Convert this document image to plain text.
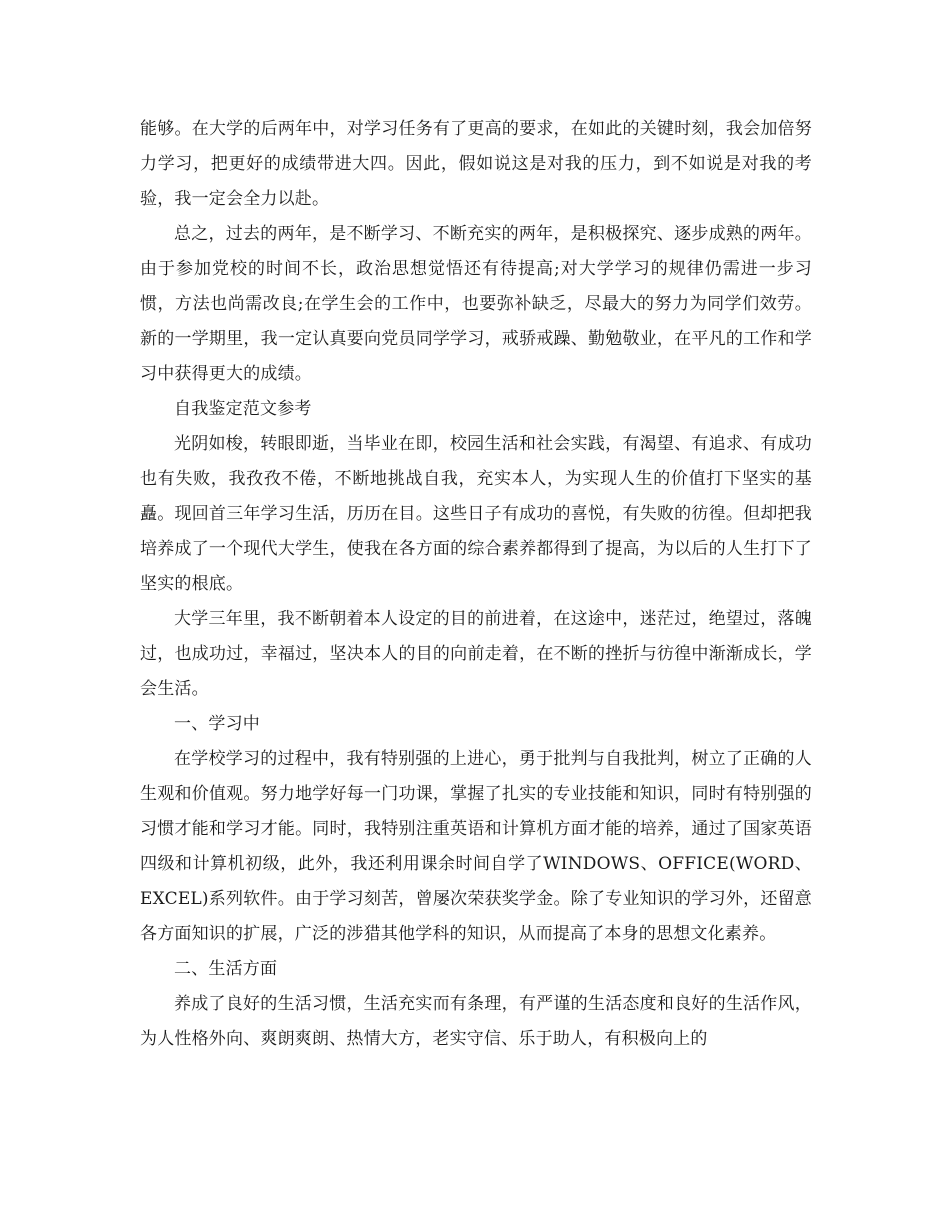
能够。在大学的后两年中，对学习任务有了更高的要求，在如此的关键时刻，我会加倍努力学习，把更好的成绩带进大四。因此，假如说这是对我的压力，到不如说是对我的考验，我一定会全力以赴。

总之，过去的两年，是不断学习、不断充实的两年，是积极探究、逐步成熟的两年。由于参加党校的时间不长，政治思想觉悟还有待提高;对大学学习的规律仍需进一步习惯，方法也尚需改良;在学生会的工作中，也要弥补缺乏，尽最大的努力为同学们效劳。新的一学期里，我一定认真要向党员同学学习，戒骄戒躁、勤勉敬业，在平凡的工作和学习中获得更大的成绩。

自我鉴定范文参考

光阴如梭，转眼即逝，当毕业在即，校园生活和社会实践，有渴望、有追求、有成功也有失败，我孜孜不倦，不断地挑战自我，充实本人，为实现人生的价值打下坚实的基矗。现回首三年学习生活，历历在目。这些日子有成功的喜悦，有失败的彷徨。但却把我培养成了一个现代大学生，使我在各方面的综合素养都得到了提高，为以后的人生打下了坚实的根底。

大学三年里，我不断朝着本人设定的目的前进着，在这途中，迷茫过，绝望过，落魄过，也成功过，幸福过，坚决本人的目的向前走着，在不断的挫折与彷徨中渐渐成长，学会生活。

一、学习中

在学校学习的过程中，我有特别强的上进心，勇于批判与自我批判，树立了正确的人生观和价值观。努力地学好每一门功课，掌握了扎实的专业技能和知识，同时有特别强的习惯才能和学习才能。同时，我特别注重英语和计算机方面才能的培养，通过了国家英语四级和计算机初级，此外，我还利用课余时间自学了WINDOWS、OFFICE(WORD、EXCEL)系列软件。由于学习刻苦，曾屡次荣获奖学金。除了专业知识的学习外，还留意各方面知识的扩展，广泛的涉猎其他学科的知识，从而提高了本身的思想文化素养。

二、生活方面

养成了良好的生活习惯，生活充实而有条理，有严谨的生活态度和良好的生活作风，为人性格外向、爽朗爽朗、热情大方，老实守信、乐于助人，有积极向上的
